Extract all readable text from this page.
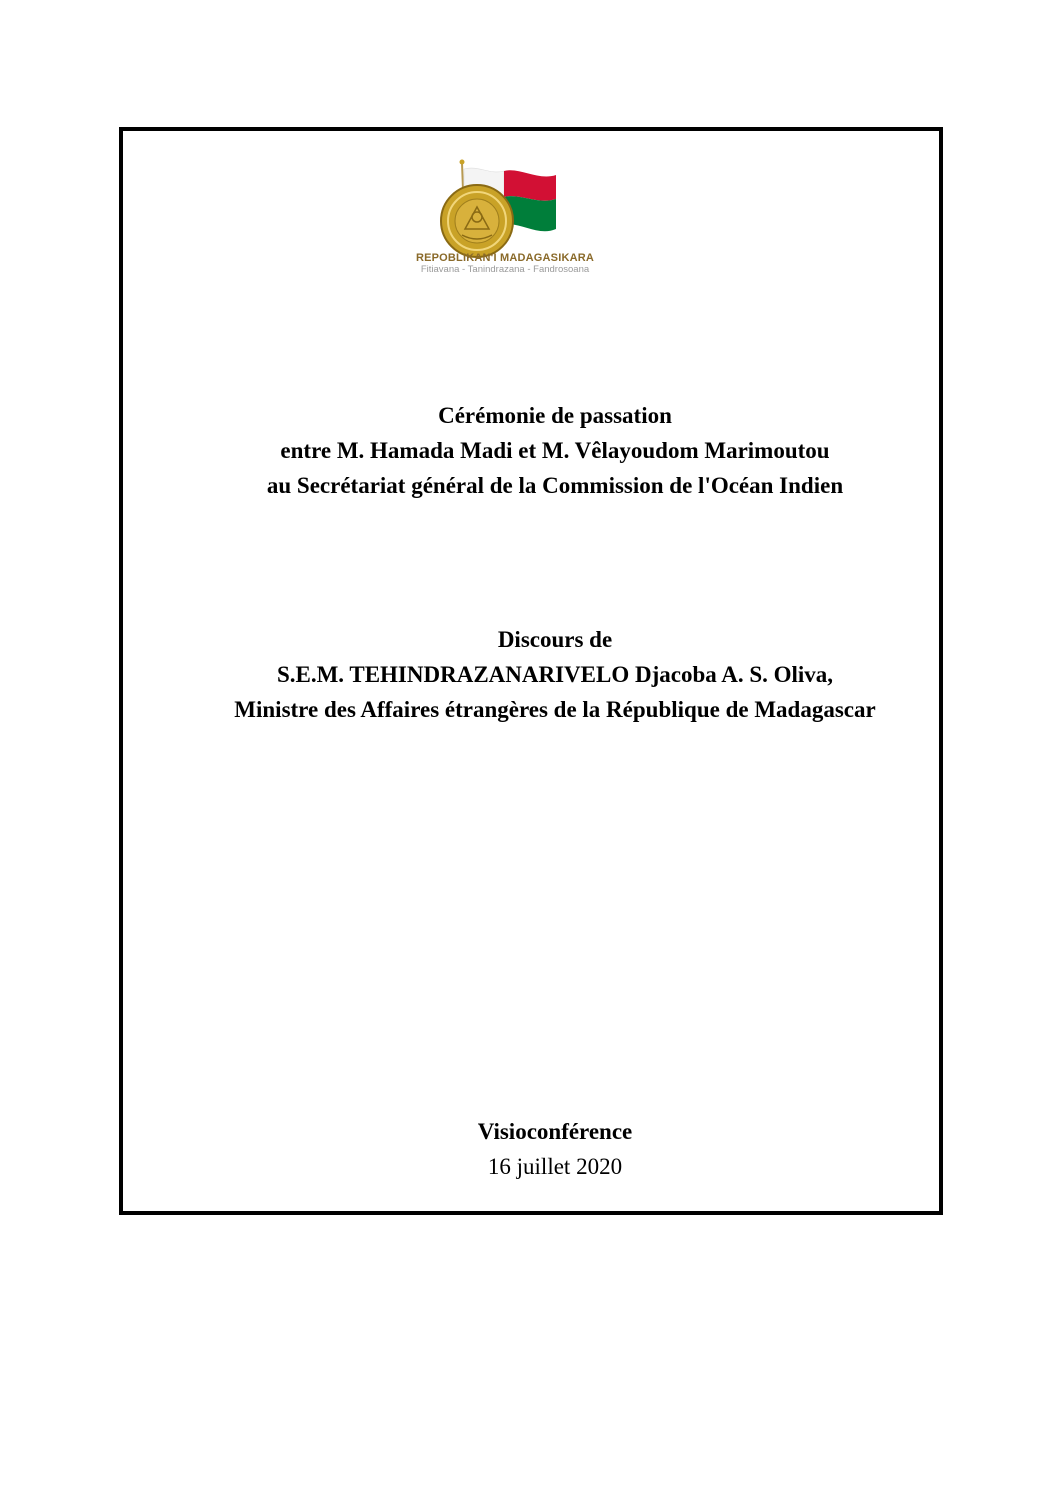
REPOBLIKAN'I MADAGASIKARA
Fitiavana - Tanindrazana - Fandrosoana
Cérémonie de passation
entre M. Hamada Madi et M. Vêlayoudom Marimoutou
au Secrétariat général de la Commission de l'Océan Indien
Discours de
S.E.M. TEHINDRAZANARIVELO Djacoba A. S. Oliva,
Ministre des Affaires étrangères de la République de Madagascar
Visioconférence
16 juillet 2020
